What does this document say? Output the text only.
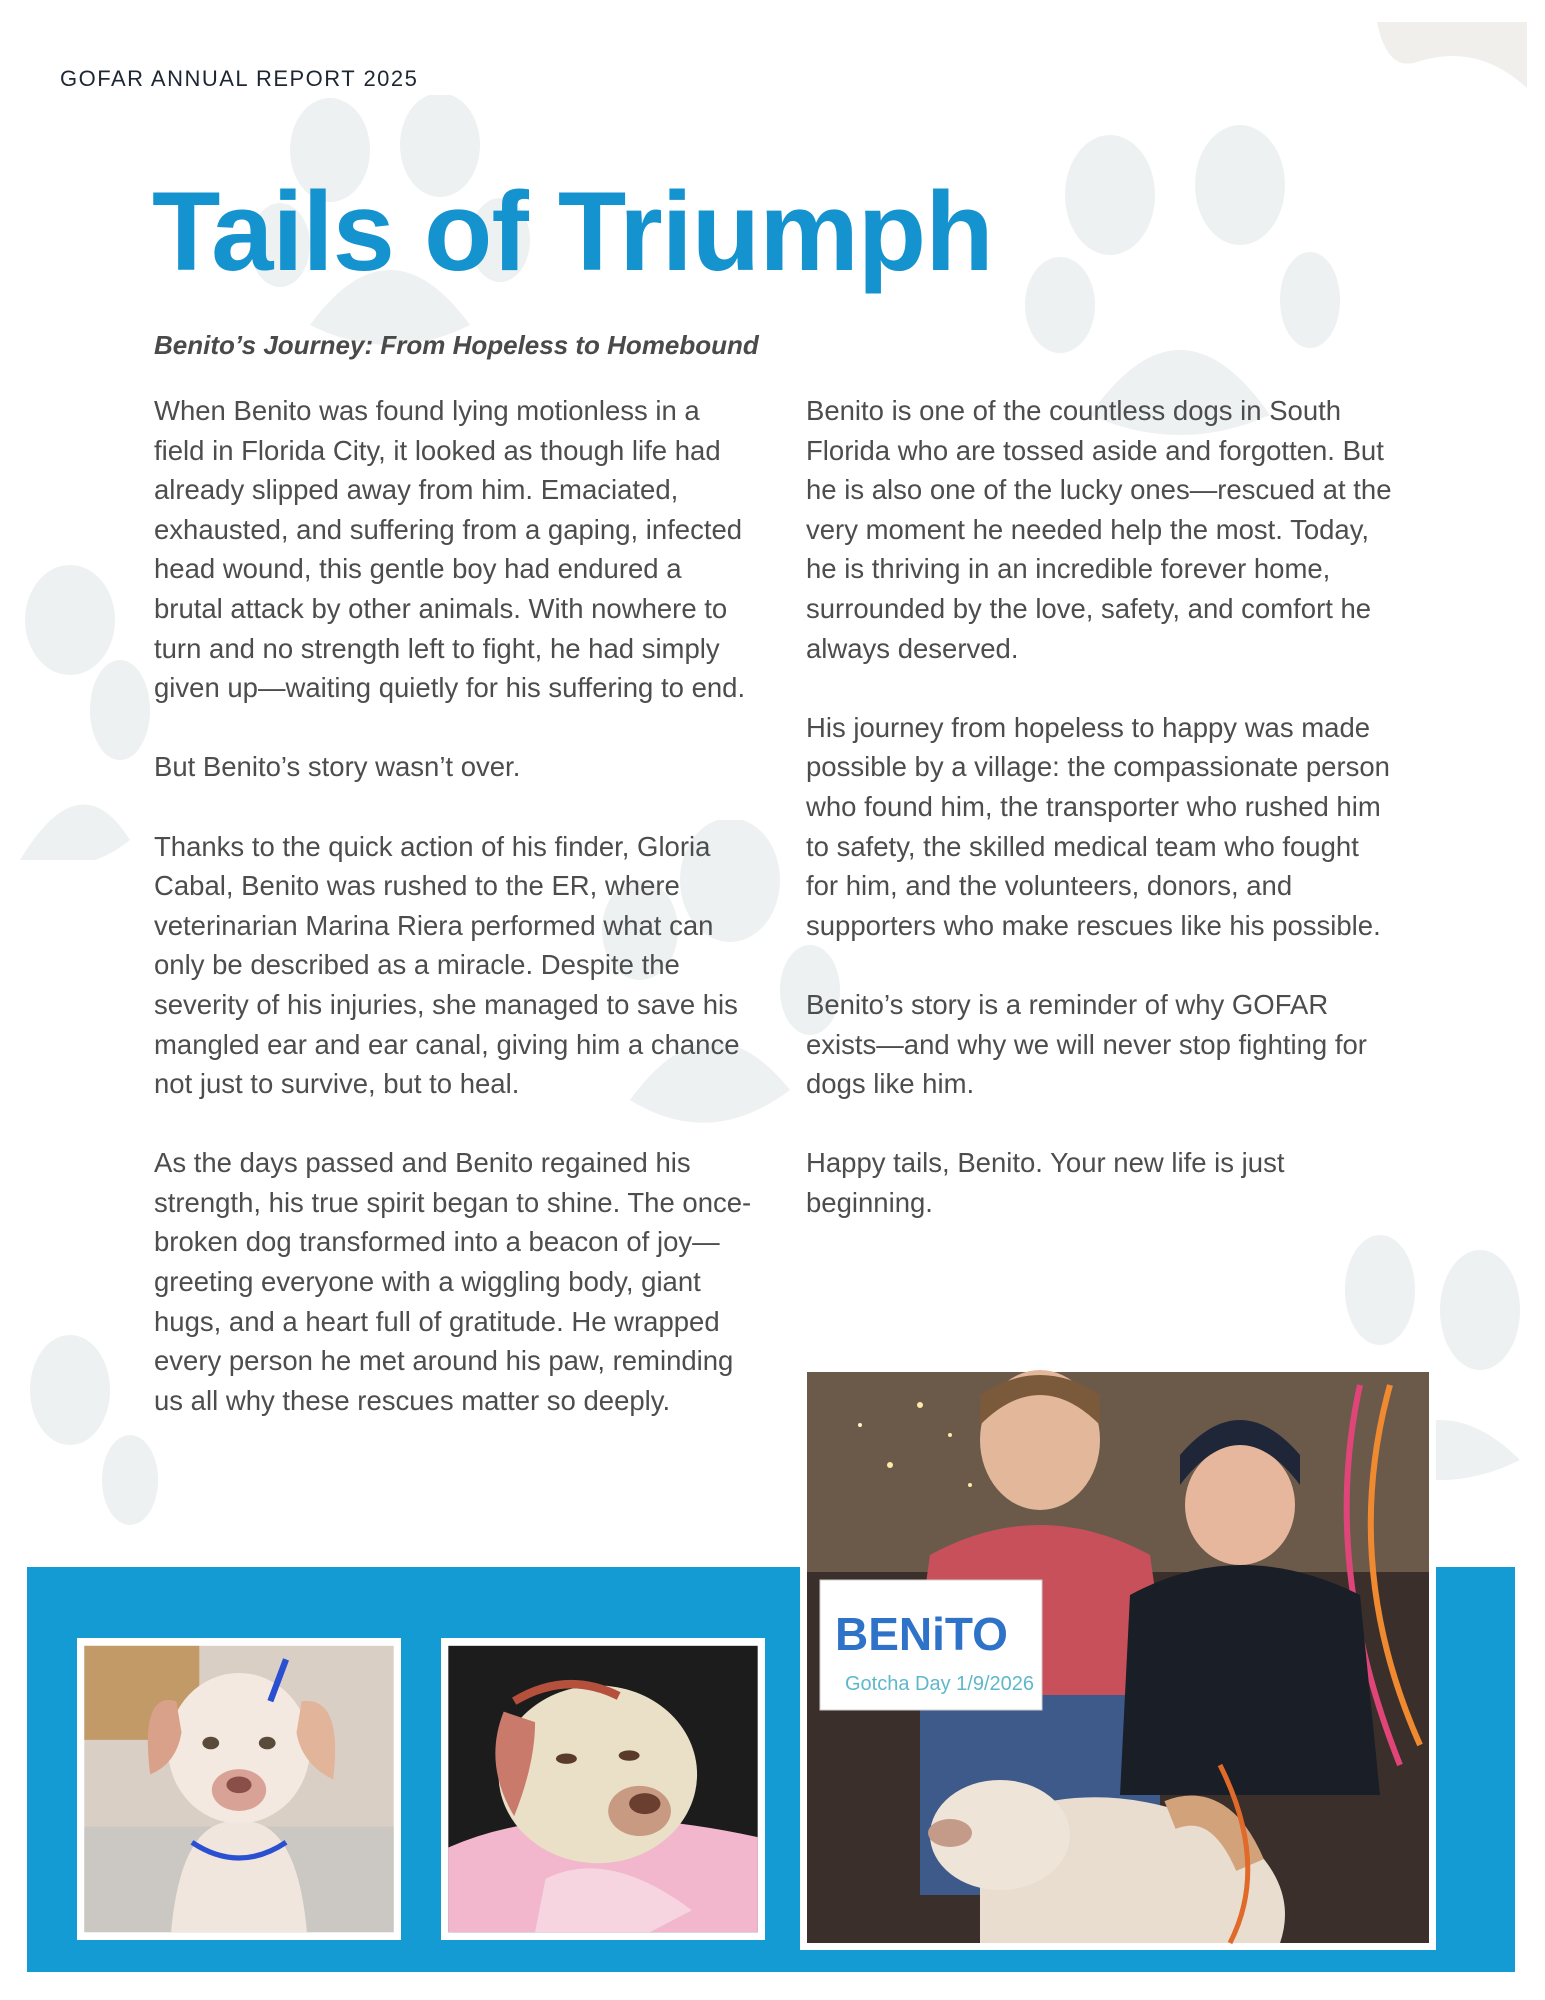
GOFAR ANNUAL REPORT 2025
Tails of Triumph
Benito’s Journey: From Hopeless to Homebound

When Benito was found lying motionless in a field in Florida City, it looked as though life had already slipped away from him. Emaciated, exhausted, and suffering from a gaping, infected head wound, this gentle boy had endured a brutal attack by other animals. With nowhere to turn and no strength left to fight, he had simply given up—waiting quietly for his suffering to end.

But Benito’s story wasn’t over.

Thanks to the quick action of his finder, Gloria Cabal, Benito was rushed to the ER, where veterinarian Marina Riera performed what can only be described as a miracle. Despite the severity of his injuries, she managed to save his mangled ear and ear canal, giving him a chance not just to survive, but to heal.

As the days passed and Benito regained his strength, his true spirit began to shine. The once-broken dog transformed into a beacon of joy—greeting everyone with a wiggling body, giant hugs, and a heart full of gratitude. He wrapped every person he met around his paw, reminding us all why these rescues matter so deeply.

Benito is one of the countless dogs in South Florida who are tossed aside and forgotten. But he is also one of the lucky ones—rescued at the very moment he needed help the most. Today, he is thriving in an incredible forever home, surrounded by the love, safety, and comfort he always deserved.

His journey from hopeless to happy was made possible by a village: the compassionate person who found him, the transporter who rushed him to safety, the skilled medical team who fought for him, and the volunteers, donors, and supporters who make rescues like his possible.

Benito’s story is a reminder of why GOFAR exists—and why we will never stop fighting for dogs like him.

Happy tails, Benito. Your new life is just beginning.

BENiTO
Gotcha Day 1/9/2026
